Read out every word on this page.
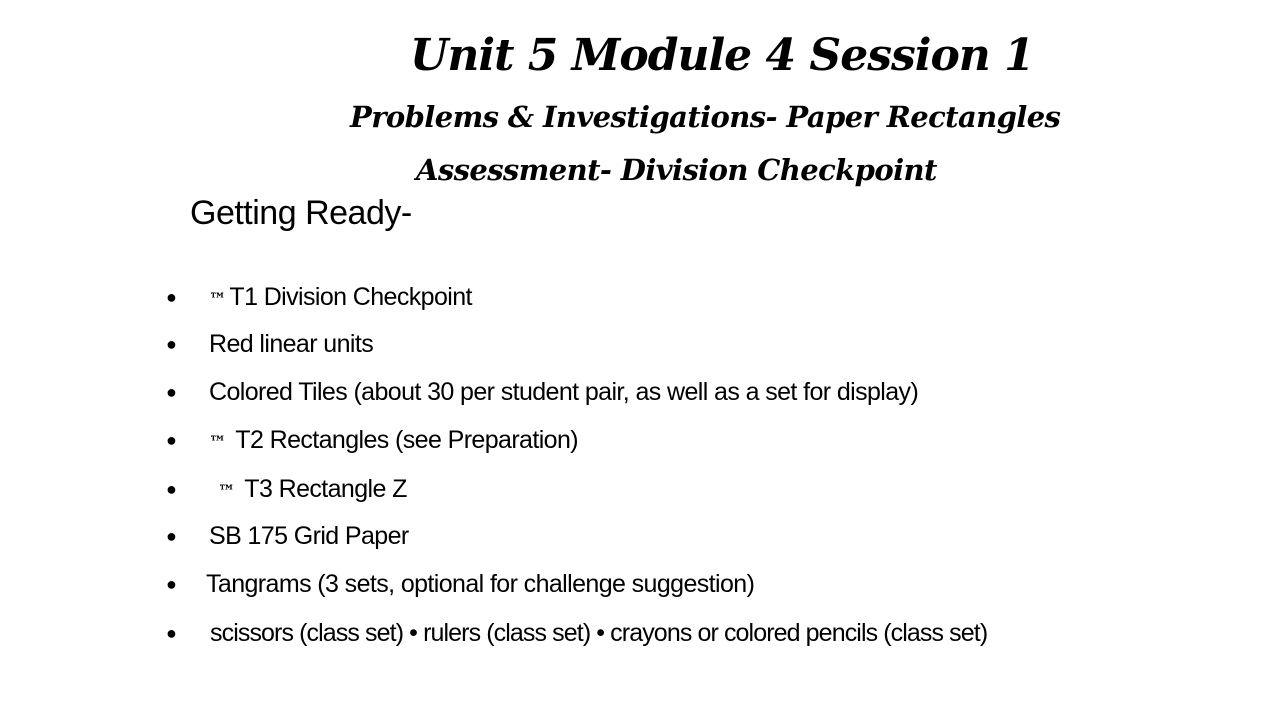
Unit 5 Module 4 Session 1
Problems & Investigations- Paper Rectangles
Assessment- Division Checkpoint
Getting Ready-
● ™ T1 Division Checkpoint
● Red linear units
● Colored Tiles (about 30 per student pair, as well as a set for display)
● ™ T2 Rectangles (see Preparation)
● ™ T3 Rectangle Z
● SB 175 Grid Paper
● Tangrams (3 sets, optional for challenge suggestion)
● scissors (class set) • rulers (class set) • crayons or colored pencils (class set)
